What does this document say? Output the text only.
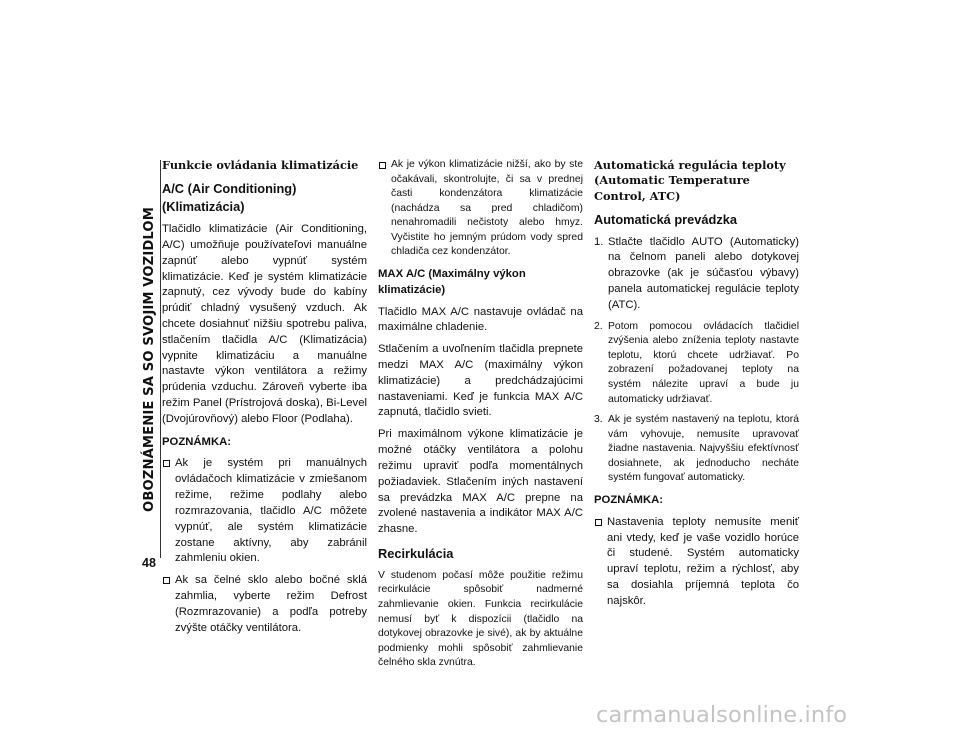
OBOZNÁMENIE SA SO SVOJIM VOZIDLOM
48
Funkcie ovládania klimatizácie
A/C (Air Conditioning) (Klimatizácia)

Tlačidlo klimatizácie (Air Conditioning, A/C) umožňuje používateľovi manuálne zapnúť alebo vypnúť systém klimatizácie. Keď je systém klimatizácie zapnutý, cez vývody bude do kabíny prúdiť chladný vysušený vzduch. Ak chcete dosiahnuť nižšiu spotrebu paliva, stlačením tlačidla A/C (Klimatizácia) vypnite klimatizáciu a manuálne nastavte výkon ventilátora a režimy prúdenia vzduchu. Zároveň vyberte iba režim Panel (Prístrojová doska), Bi-Level (Dvojúrovňový) alebo Floor (Podlaha).

POZNÁMKA:
Ak je systém pri manuálnych ovládačoch klimatizácie v zmiešanom režime, režime podlahy alebo rozmrazovania, tlačidlo A/C môžete vypnúť, ale systém klimatizácie zostane aktívny, aby zabránil zahmleniu okien.
Ak sa čelné sklo alebo bočné sklá zahmlia, vyberte režim Defrost (Rozmrazovanie) a podľa potreby zvýšte otáčky ventilátora.
Ak je výkon klimatizácie nižší, ako by ste očakávali, skontrolujte, či sa v prednej časti kondenzátora klimatizácie (nachádza sa pred chladičom) nenahromadili nečistoty alebo hmyz. Vyčistite ho jemným prúdom vody spred chladiča cez kondenzátor.
MAX A/C (Maximálny výkon klimatizácie)

Tlačidlo MAX A/C nastavuje ovládač na maximálne chladenie.

Stlačením a uvoľnením tlačidla prepnete medzi MAX A/C (maximálny výkon klimatizácie) a predchádzajúcimi nastaveniami. Keď je funkcia MAX A/C zapnutá, tlačidlo svieti.

Pri maximálnom výkone klimatizácie je možné otáčky ventilátora a polohu režimu upraviť podľa momentálnych požiadaviek. Stlačením iných nastavení sa prevádzka MAX A/C prepne na zvolené nastavenia a indikátor MAX A/C zhasne.

Recirkulácia

V studenom počasí môže použitie režimu recirkulácie spôsobiť nadmerné zahmlievanie okien. Funkcia recirkulácie nemusí byť k dispozícii (tlačidlo na dotykovej obrazovke je sivé), ak by aktuálne podmienky mohli spôsobiť zahmlievanie čelného skla zvnútra.

Automatická regulácia teploty (Automatic Temperature Control, ATC)
Automatická prevádzka
1. Stlačte tlačidlo AUTO (Automaticky) na čelnom paneli alebo dotykovej obrazovke (ak je súčasťou výbavy) panela automatickej regulácie teploty (ATC).
2. Potom pomocou ovládacích tlačidiel zvýšenia alebo zníženia teploty nastavte teplotu, ktorú chcete udržiavať. Po zobrazení požadovanej teploty na systém nálezite upraví a bude ju automaticky udržiavať.
3. Ak je systém nastavený na teplotu, ktorá vám vyhovuje, nemusíte upravovať žiadne nastavenia. Najvyššiu efektívnosť dosiahnete, ak jednoducho necháte systém fungovať automaticky.
POZNÁMKA:
Nastavenia teploty nemusíte meniť ani vtedy, keď je vaše vozidlo horúce či studené. Systém automaticky upraví teplotu, režim a rýchlosť, aby sa dosiahla príjemná teplota čo najskôr.
carmanualsonline.info
